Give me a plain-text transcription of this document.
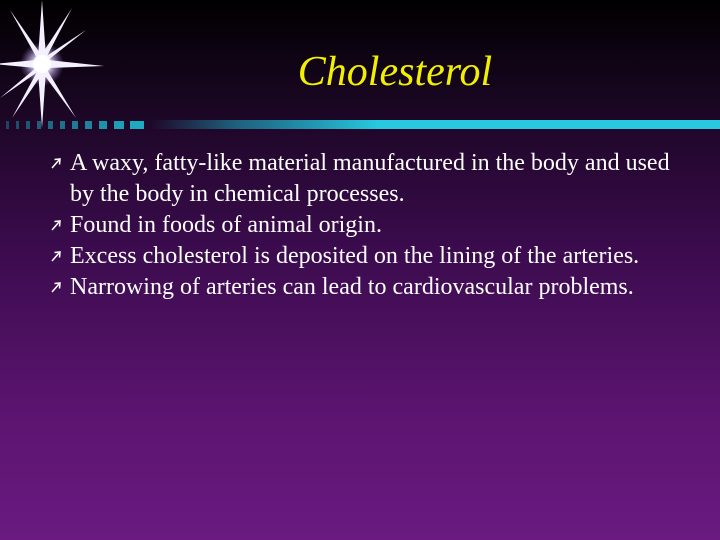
Cholesterol
A waxy, fatty-like material manufactured in the body and used by the body in chemical processes.
Found in foods of animal origin.
Excess cholesterol is deposited on the lining of the arteries.
Narrowing of arteries can lead to cardiovascular problems.
